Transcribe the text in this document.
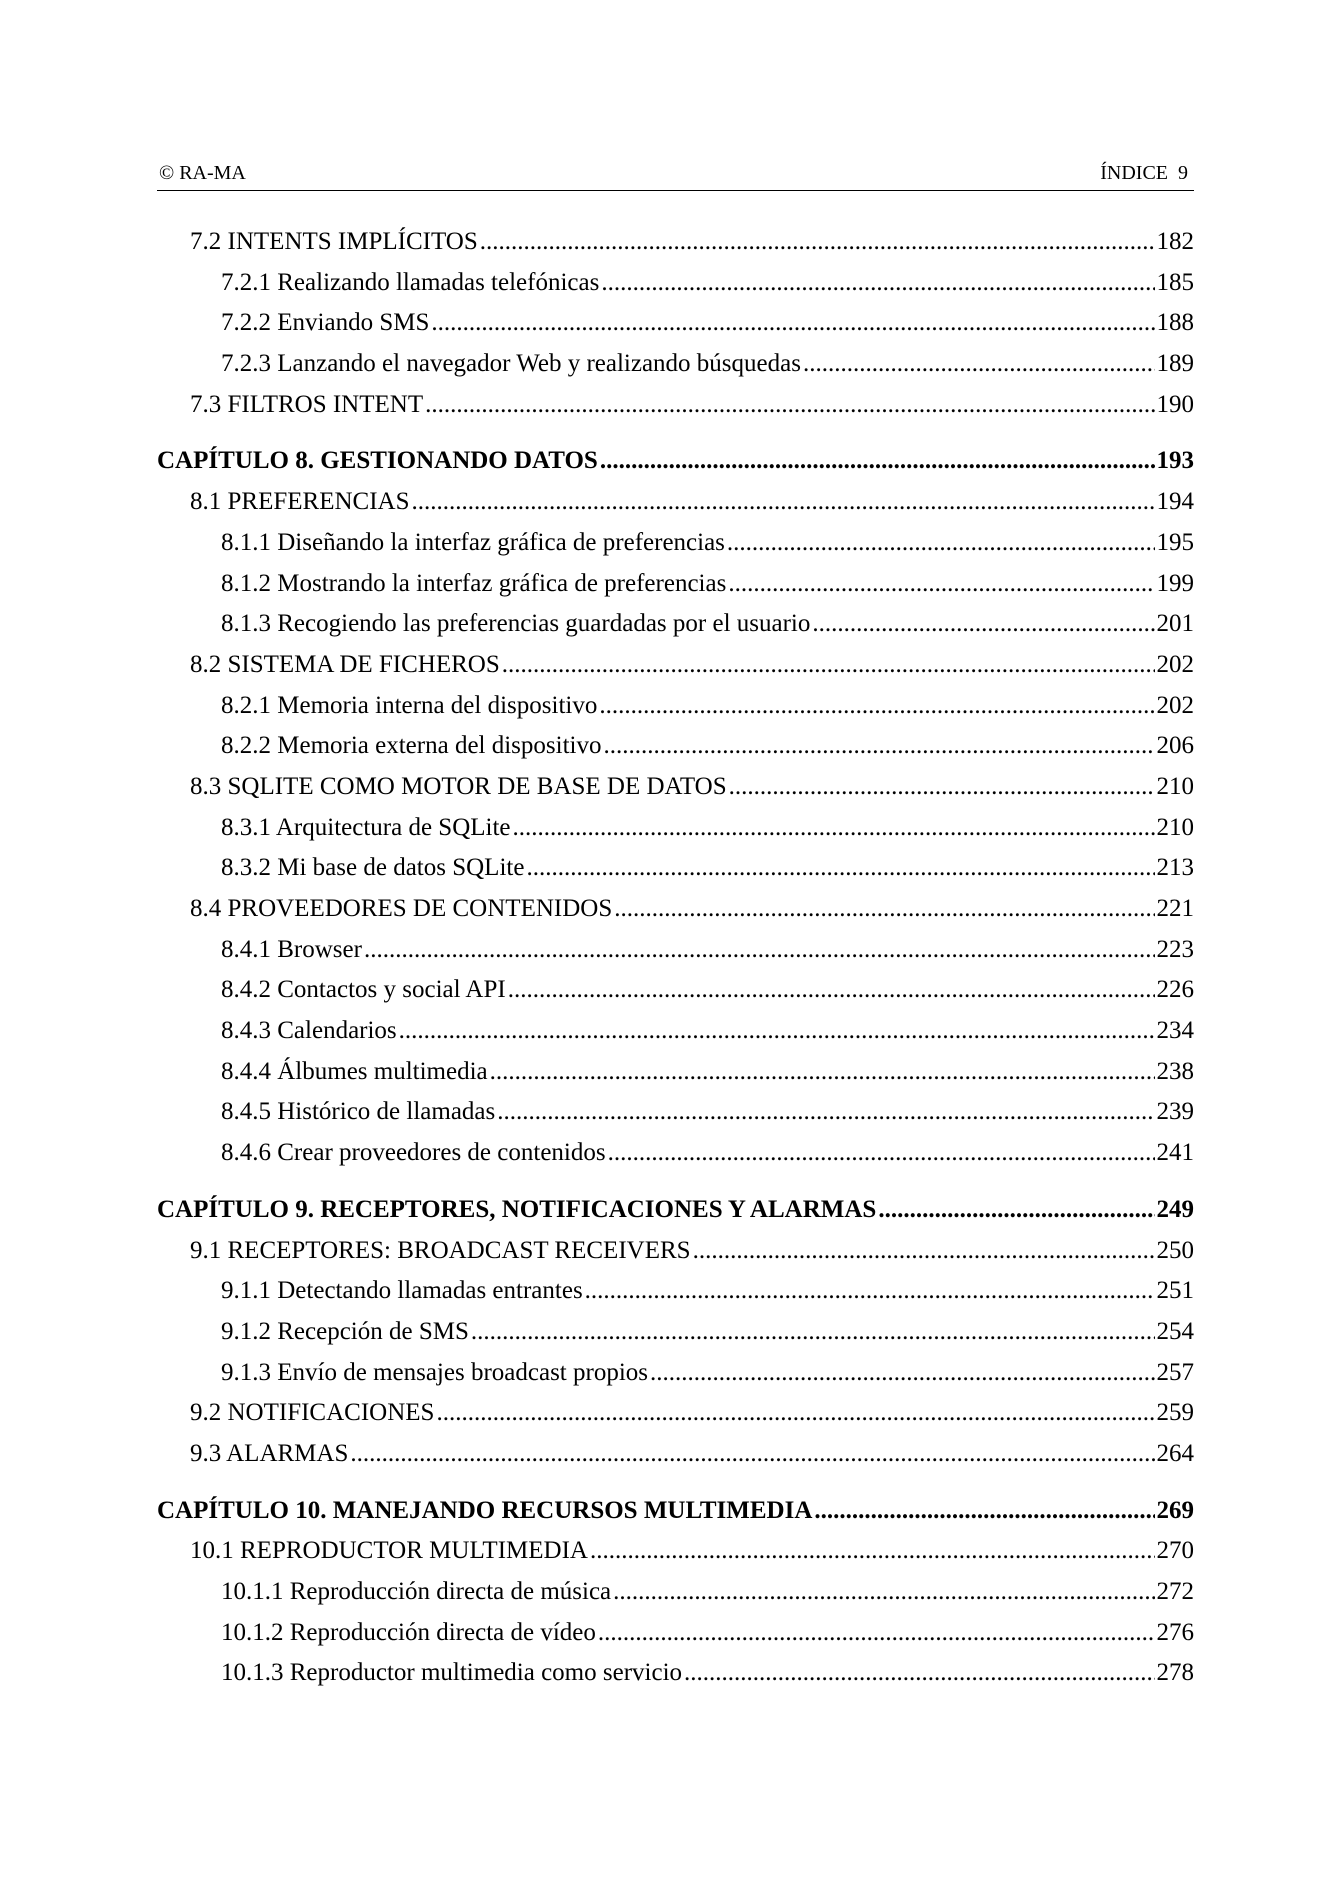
© RA-MA	ÍNDICE  9
7.2 INTENTS IMPLÍCITOS .....	182
7.2.1 Realizando llamadas telefónicas .....	185
7.2.2 Enviando SMS .....	188
7.2.3 Lanzando el navegador Web y realizando búsquedas .....	189
7.3 FILTROS INTENT .....	190
CAPÍTULO 8. GESTIONANDO DATOS .....	193
8.1 PREFERENCIAS .....	194
8.1.1 Diseñando la interfaz gráfica de preferencias .....	195
8.1.2 Mostrando la interfaz gráfica de preferencias .....	199
8.1.3 Recogiendo las preferencias guardadas por el usuario .....	201
8.2 SISTEMA DE FICHEROS .....	202
8.2.1 Memoria interna del dispositivo .....	202
8.2.2 Memoria externa del dispositivo .....	206
8.3 SQLITE COMO MOTOR DE BASE DE DATOS .....	210
8.3.1 Arquitectura de SQLite .....	210
8.3.2 Mi base de datos SQLite .....	213
8.4 PROVEEDORES DE CONTENIDOS .....	221
8.4.1 Browser .....	223
8.4.2 Contactos y social API .....	226
8.4.3 Calendarios .....	234
8.4.4 Álbumes multimedia .....	238
8.4.5 Histórico de llamadas .....	239
8.4.6 Crear proveedores de contenidos .....	241
CAPÍTULO 9. RECEPTORES, NOTIFICACIONES Y ALARMAS .....	249
9.1 RECEPTORES: BROADCAST RECEIVERS .....	250
9.1.1 Detectando llamadas entrantes .....	251
9.1.2 Recepción de SMS .....	254
9.1.3 Envío de mensajes broadcast propios .....	257
9.2 NOTIFICACIONES .....	259
9.3 ALARMAS .....	264
CAPÍTULO 10. MANEJANDO RECURSOS MULTIMEDIA .....	269
10.1 REPRODUCTOR MULTIMEDIA .....	270
10.1.1 Reproducción directa de música .....	272
10.1.2 Reproducción directa de vídeo .....	276
10.1.3 Reproductor multimedia como servicio .....	278
